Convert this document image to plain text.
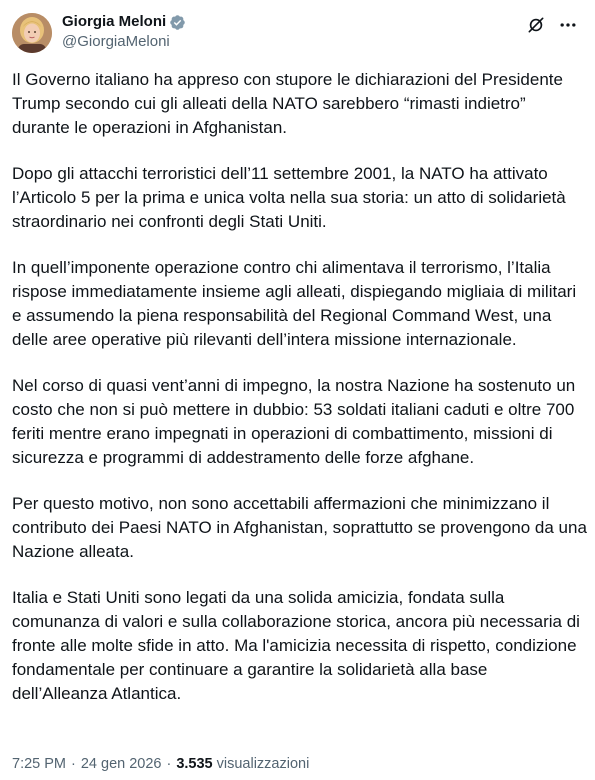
Giorgia Meloni
@GiorgiaMeloni

Il Governo italiano ha appreso con stupore le dichiarazioni del Presidente Trump secondo cui gli alleati della NATO sarebbero “rimasti indietro” durante le operazioni in Afghanistan.

Dopo gli attacchi terroristici dell’11 settembre 2001, la NATO ha attivato l’Articolo 5 per la prima e unica volta nella sua storia: un atto di solidarietà straordinario nei confronti degli Stati Uniti.

In quell’imponente operazione contro chi alimentava il terrorismo, l’Italia rispose immediatamente insieme agli alleati, dispiegando migliaia di militari e assumendo la piena responsabilità del Regional Command West, una delle aree operative più rilevanti dell’intera missione internazionale.

Nel corso di quasi vent’anni di impegno, la nostra Nazione ha sostenuto un costo che non si può mettere in dubbio: 53 soldati italiani caduti e oltre 700 feriti mentre erano impegnati in operazioni di combattimento, missioni di sicurezza e programmi di addestramento delle forze afghane.

Per questo motivo, non sono accettabili affermazioni che minimizzano il contributo dei Paesi NATO in Afghanistan, soprattutto se provengono da una Nazione alleata.

Italia e Stati Uniti sono legati da una solida amicizia, fondata sulla comunanza di valori e sulla collaborazione storica, ancora più necessaria di fronte alle molte sfide in atto. Ma l'amicizia necessita di rispetto, condizione fondamentale per continuare a garantire la solidarietà alla base dell’Alleanza Atlantica.

7:25 PM · 24 gen 2026 · 3.535 visualizzazioni
